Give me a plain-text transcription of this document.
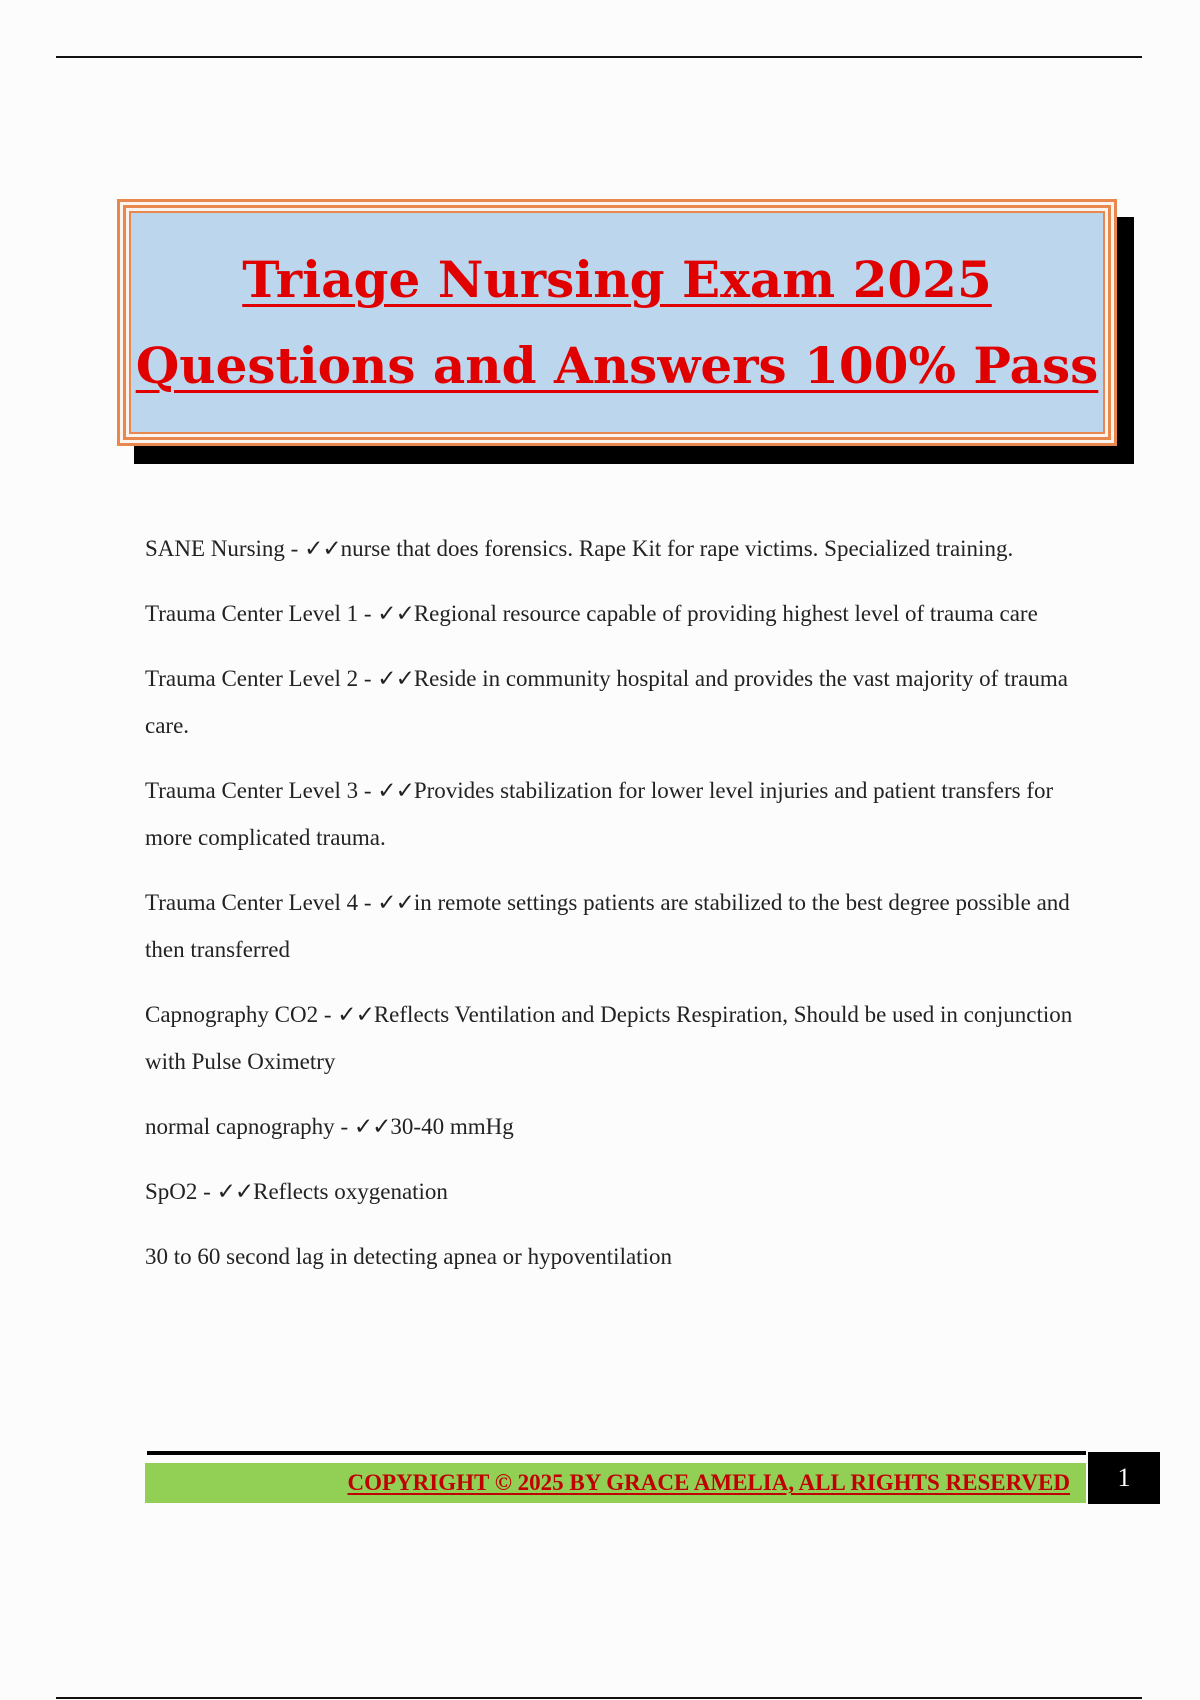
Triage Nursing Exam 2025
Questions and Answers 100% Pass
SANE Nursing - ✓✓nurse that does forensics. Rape Kit for rape victims. Specialized training.
Trauma Center Level 1 - ✓✓Regional resource capable of providing highest level of trauma care
Trauma Center Level 2 - ✓✓Reside in community hospital and provides the vast majority of trauma care.
Trauma Center Level 3 - ✓✓Provides stabilization for lower level injuries and patient transfers for more complicated trauma.
Trauma Center Level 4 - ✓✓in remote settings patients are stabilized to the best degree possible and then transferred
Capnography CO2 - ✓✓Reflects Ventilation and Depicts Respiration, Should be used in conjunction with Pulse Oximetry
normal capnography - ✓✓30-40 mmHg
SpO2 - ✓✓Reflects oxygenation
30 to 60 second lag in detecting apnea or hypoventilation
COPYRIGHT © 2025 BY GRACE AMELIA, ALL RIGHTS RESERVED	1
